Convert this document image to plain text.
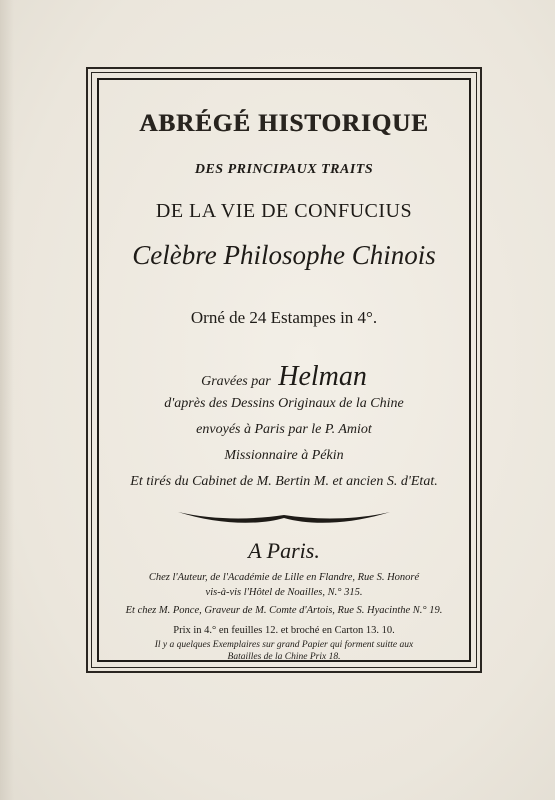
ABRÉGÉ HISTORIQUE
DES PRINCIPAUX TRAITS
DE LA VIE DE CONFUCIUS
Celèbre Philosophe Chinois
Orné de 24 Estampes in 4°.
Gravées par Helman
d'après des Dessins Originaux de la Chine
envoyés à Paris par le P. Amiot
Missionnaire à Pékin
Et tirés du Cabinet de M. Bertin M. et ancien S. d'Etat.
A Paris.
Chez l'Auteur, de l'Académie de Lille en Flandre, Rue S. Honoré
vis-à-vis l'Hôtel de Noailles, N.° 315.
Et chez M. Ponce, Graveur de M. Comte d'Artois, Rue S. Hyacinthe N.° 19.
Prix in 4.° en feuilles 12. et broché en Carton 13. 10.
Il y a quelques Exemplaires sur grand Papier qui forment suitte aux
Batailles de la Chine Prix 18.
